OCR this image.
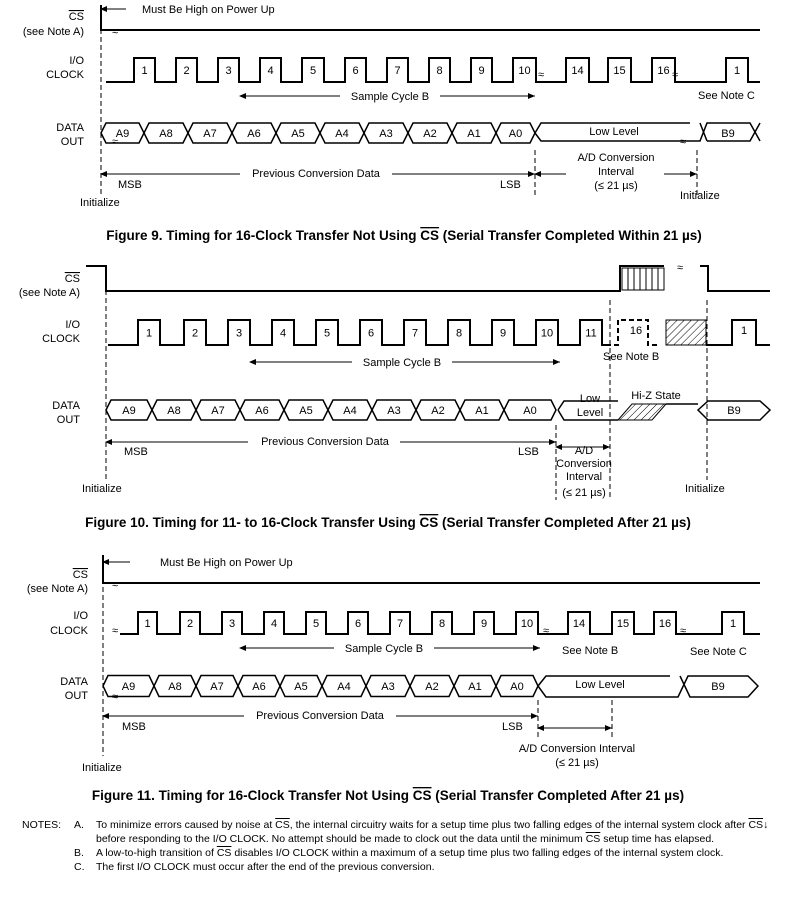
CS
(see Note A)
I/O
CLOCK
DATA
OUT
≈
Must Be High on Power Up
1	2	3	4	5	6	7	8	9	10	14	15	16	1
≈	≈
Sample Cycle B	See Note C
A9	A8	A7	A6	A5	A4	A3	A2	A1	A0	Low Level
≈
≈
B9
Previous Conversion Data
MSB	LSB
A/D Conversion
Interval
(≤ 21 µs)
Initialize
Initialize
Figure 9. Timing for 16-Clock Transfer Not Using CS (Serial Transfer Completed Within 21 µs)
CS
(see Note A)
I/O
CLOCK
DATA
OUT
≈
1	2	3	4	5	6	7	8	9	10	11	16	1
Sample Cycle B	See Note B
A9	A8	A7	A6	A5	A4	A3	A2	A1	A0
Low
Level
Hi-Z State
B9
Previous Conversion Data
MSB	LSB	A/D
Conversion
Interval
(≤ 21 µs)
Initialize	Initialize
Figure 10. Timing for 11- to 16-Clock Transfer Using CS (Serial Transfer Completed After 21 µs)
CS
(see Note A)
I/O
CLOCK
DATA
OUT
≈
Must Be High on Power Up
1	2	3	4	5	6	7	8	9	10	14	15	16	1
≈	≈	≈
Sample Cycle B	See Note B	See Note C
A9	A8	A7	A6	A5	A4	A3	A2	A1	A0	Low Level
≈
B9
Previous Conversion Data
MSB	LSB
A/D Conversion Interval
(≤ 21 µs)
Initialize
Figure 11. Timing for 16-Clock Transfer Not Using CS (Serial Transfer Completed After 21 µs)
NOTES:	A.	To minimize errors caused by noise at $\overline{CS}$, the internal circuitry waits for a setup time plus two falling edges of the internal system clock after $\overline{CS}↓$ before responding to the I/O CLOCK. No attempt should be made to clock out the data until the minimum $\overline{CS}$ setup time has elapsed.
B.	A low-to-high transition of $\overline{CS}$ disables I/O CLOCK within a maximum of a setup time plus two falling edges of the internal system clock.
C.	The first I/O CLOCK must occur after the end of the previous conversion.
